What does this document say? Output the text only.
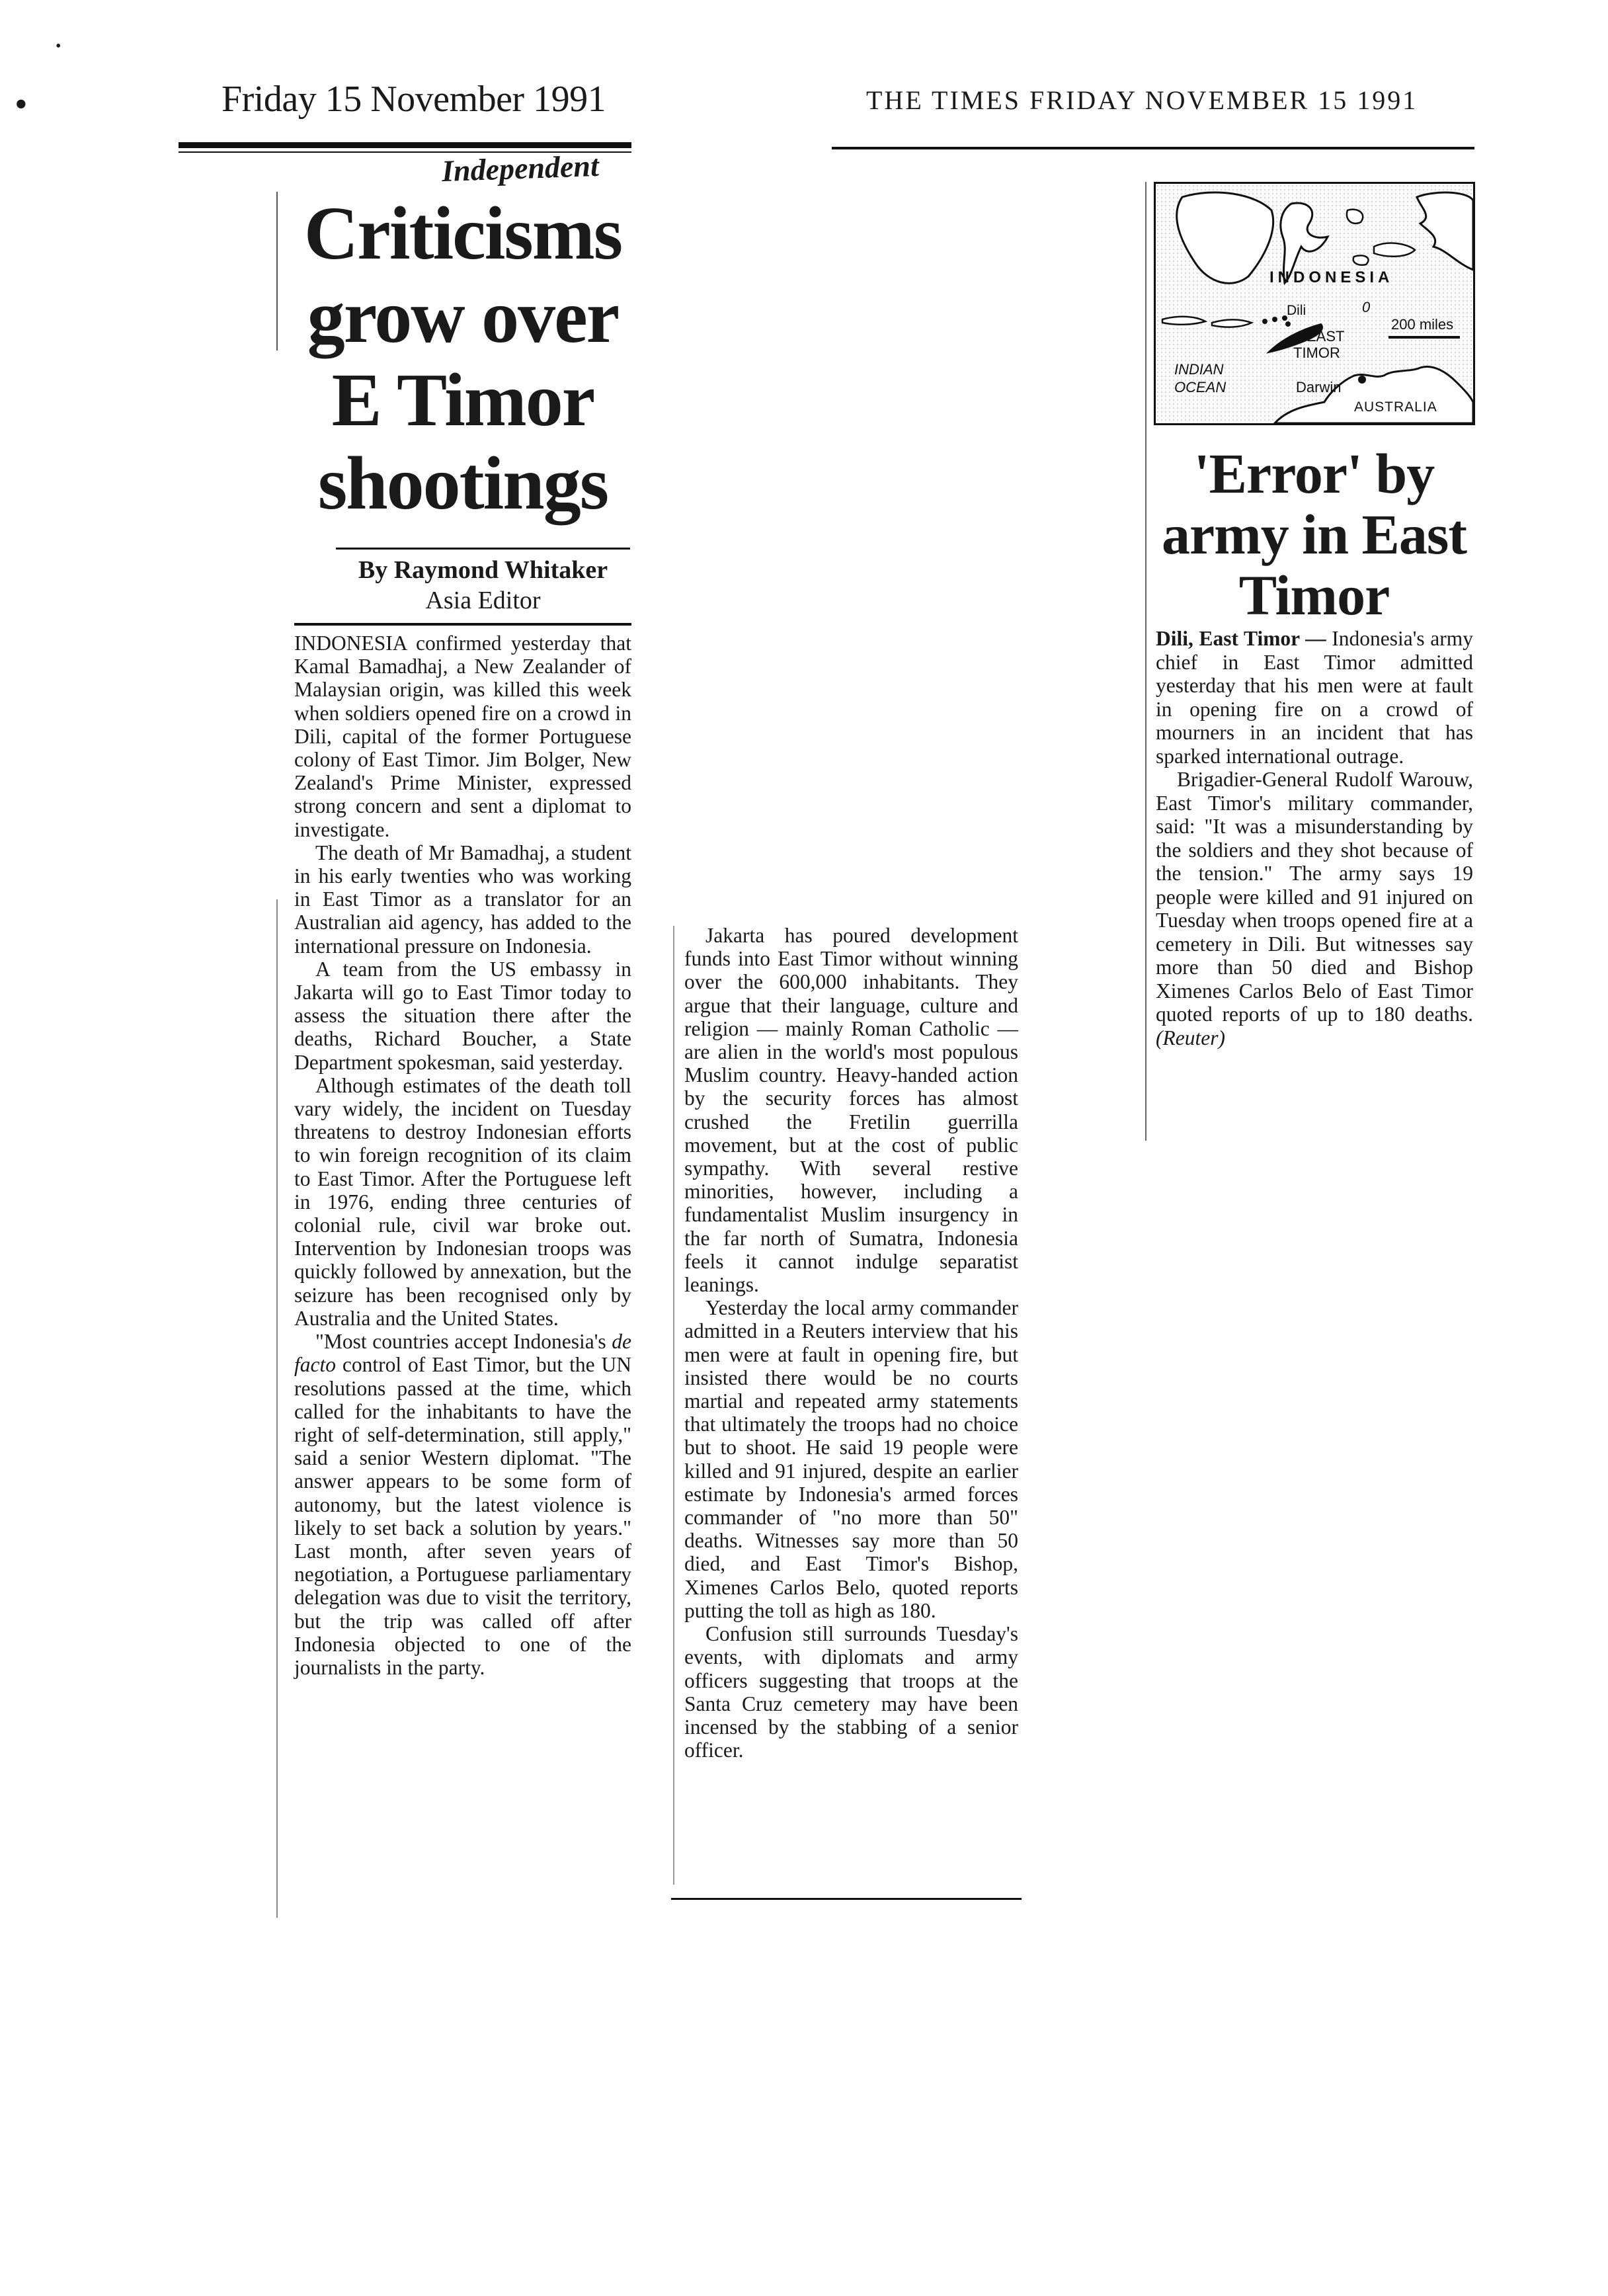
•
•	Friday 15 November 1991
Independent
Criticisms grow over E Timor shootings
By Raymond Whitaker
Asia Editor

INDONESIA confirmed yesterday that Kamal Bamadhaj, a New Zealander of Malaysian origin, was killed this week when soldiers opened fire on a crowd in Dili, capital of the former Portuguese colony of East Timor. Jim Bolger, New Zealand's Prime Minister, expressed strong concern and sent a diplomat to investigate.

The death of Mr Bamadhaj, a student in his early twenties who was working in East Timor as a translator for an Australian aid agency, has added to the international pressure on Indonesia.

A team from the US embassy in Jakarta will go to East Timor today to assess the situation there after the deaths, Richard Boucher, a State Department spokesman, said yesterday.

Although estimates of the death toll vary widely, the incident on Tuesday threatens to destroy Indonesian efforts to win foreign recognition of its claim to East Timor. After the Portuguese left in 1976, ending three centuries of colonial rule, civil war broke out. Intervention by Indonesian troops was quickly followed by annexation, but the seizure has been recognised only by Australia and the United States.

"Most countries accept Indonesia's de facto control of East Timor, but the UN resolutions passed at the time, which called for the inhabitants to have the right of self-determination, still apply," said a senior Western diplomat. "The answer appears to be some form of autonomy, but the latest violence is likely to set back a solution by years." Last month, after seven years of negotiation, a Portuguese parliamentary delegation was due to visit the territory, but the trip was called off after Indonesia objected to one of the journalists in the party.

Jakarta has poured development funds into East Timor without winning over the 600,000 inhabitants. They argue that their language, culture and religion — mainly Roman Catholic — are alien in the world's most populous Muslim country. Heavy-handed action by the security forces has almost crushed the Fretilin guerrilla movement, but at the cost of public sympathy. With several restive minorities, however, including a fundamentalist Muslim insurgency in the far north of Sumatra, Indonesia feels it cannot indulge separatist leanings.

Yesterday the local army commander admitted in a Reuters interview that his men were at fault in opening fire, but insisted there would be no courts martial and repeated army statements that ultimately the troops had no choice but to shoot. He said 19 people were killed and 91 injured, despite an earlier estimate by Indonesia's armed forces commander of "no more than 50" deaths. Witnesses say more than 50 died, and East Timor's Bishop, Ximenes Carlos Belo, quoted reports putting the toll as high as 180.

Confusion still surrounds Tuesday's events, with diplomats and army officers suggesting that troops at the Santa Cruz cemetery may have been incensed by the stabbing of a senior officer.

THE TIMES FRIDAY NOVEMBER 15 1991
INDONESIA
Dili	0
EAST
TIMOR
200 miles
INDIAN
OCEAN	Darwin
AUSTRALIA
'Error' by army in East Timor

Dili, East Timor — Indonesia's army chief in East Timor admitted yesterday that his men were at fault in opening fire on a crowd of mourners in an incident that has sparked international outrage.

Brigadier-General Rudolf Warouw, East Timor's military commander, said: "It was a misunderstanding by the soldiers and they shot because of the tension." The army says 19 people were killed and 91 injured on Tuesday when troops opened fire at a cemetery in Dili. But witnesses say more than 50 died and Bishop Ximenes Carlos Belo of East Timor quoted reports of up to 180 deaths. (Reuter)
